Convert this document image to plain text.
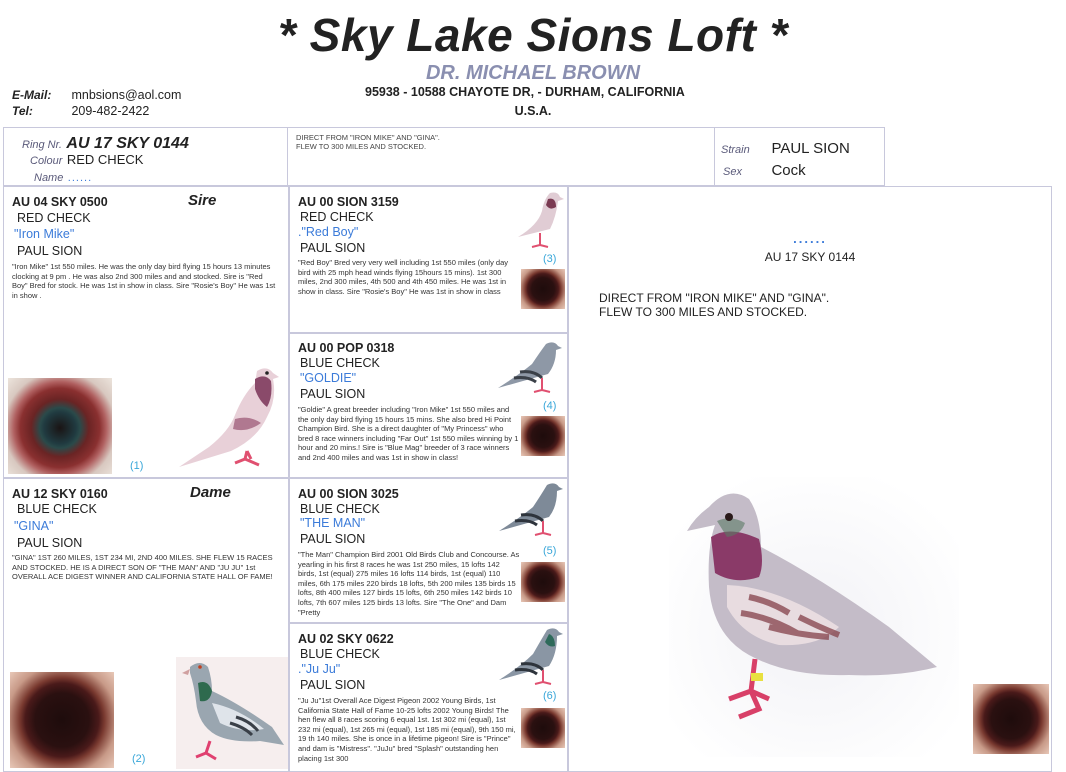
* Sky Lake Sions Loft *
DR. MICHAEL BROWN
95938 - 10588 CHAYOTE DR, - DURHAM, CALIFORNIA
U.S.A.
E-Mail: mnbsions@aol.com
Tel:	209-482-2422
Ring Nr. AU 17 SKY 0144
Colour RED CHECK
Name ......
DIRECT FROM "IRON MIKE" AND "GINA".
FLEW TO 300 MILES AND STOCKED.	Strain PAUL SION
Sex Cock
AU 04 SKY 0500	Sire
RED CHECK
"Iron Mike"
PAUL SION
"Iron Mike" 1st 550 miles. He was the only day bird flying 15 hours 13 minutes clocking at 9 pm . He was also 2nd 300 miles and and stocked. Sire is "Red Boy" Bred for stock. He was 1st in show in class. Sire "Rosie's Boy" He was 1st in show .
(1)
AU 12 SKY 0160	Dame
BLUE CHECK
"GINA"
PAUL SION
"GINA" 1ST 260 MILES, 1ST 234 MI, 2ND 400 MILES. SHE FLEW 15 RACES AND STOCKED. HE IS A DIRECT SON OF "THE MAN" AND "JU JU" 1st OVERALL ACE DIGEST WINNER AND CALIFORNIA STATE HALL OF FAME!
(2)
AU 00 SION 3159
RED CHECK
."Red Boy"
PAUL SION
"Red Boy" Bred very very well including 1st 550 miles (only day bird with 25 mph head winds flying 15hours 15 mins). 1st 300 miles, 2nd 300 miles, 4th 500 and 4th 450 miles. He was 1st in show in class. Sire "Rosie's Boy" He was 1st in show in class
(3)
AU 00 POP 0318
BLUE CHECK
"GOLDIE"
PAUL SION
"Goldie" A great breeder including "Iron Mike" 1st 550 miles and the only day bird flying 15 hours 15 mins. She also bred Hi Point Champion Bird. She is a direct daughter of "My Princess" who bred 8 race winners including "Far Out" 1st 550 miles winning by 1 hour and 20 mins.! Sire is "Blue Mag" breeder of 3 race winners and 2nd 400 miles and was 1st in show in class!
(4)
AU 00 SION 3025
BLUE CHECK
"THE MAN"
PAUL SION
"The Man" Champion Bird 2001 Old Birds Club and Concourse. As yearling in his first 8 races he was 1st 250 miles, 15 lofts 142 birds, 1st (equal) 275 miles 16 lofts 114 birds, 1st (equal) 110 miles, 6th 175 miles 220 birds 18 lofts, 5th 200 miles 135 birds 15 lofts, 8th 400 miles 127 birds 15 lofts, 6th 250 miles 142 birds 10 lofts, 7th 607 miles 125 birds 13 lofts. Sire "The One" and Dam "Pretty
(5)
AU 02 SKY 0622
BLUE CHECK
."Ju Ju"
PAUL SION
"Ju Ju"1st Overall Ace Digest Pigeon 2002 Young Birds, 1st California State Hall of Fame 10-25 lofts 2002 Young Birds! The hen flew all 8 races scoring 6 equal 1st. 1st 302 mi (equal), 1st 232 mi (equal), 1st 265 mi (equal), 1st 185 mi (equal), 9th 150 mi, 19 th 140 miles. She is once in a lifetime pigeon! Sire is "Prince" and dam is "Mistress". "JuJu" bred "Splash" outstanding hen placing 1st 300
(6)
......
AU 17 SKY 0144
DIRECT FROM "IRON MIKE" AND "GINA".
FLEW TO 300 MILES AND STOCKED.
